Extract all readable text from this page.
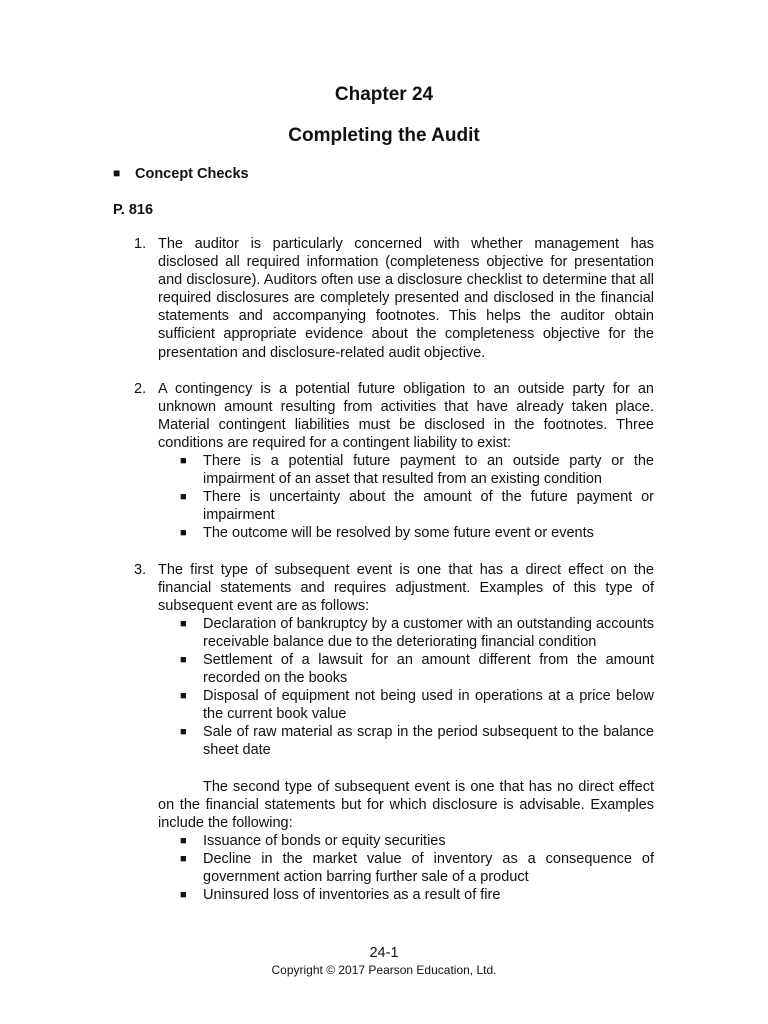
Chapter 24
Completing the Audit
■ Concept Checks
P. 816
1. The auditor is particularly concerned with whether management has disclosed all required information (completeness objective for presentation and disclosure). Auditors often use a disclosure checklist to determine that all required disclosures are completely presented and disclosed in the financial statements and accompanying footnotes. This helps the auditor obtain sufficient appropriate evidence about the completeness objective for the presentation and disclosure-related audit objective.
2. A contingency is a potential future obligation to an outside party for an unknown amount resulting from activities that have already taken place. Material contingent liabilities must be disclosed in the footnotes. Three conditions are required for a contingent liability to exist:
■ There is a potential future payment to an outside party or the impairment of an asset that resulted from an existing condition
■ There is uncertainty about the amount of the future payment or impairment
■ The outcome will be resolved by some future event or events
3. The first type of subsequent event is one that has a direct effect on the financial statements and requires adjustment. Examples of this type of subsequent event are as follows:
■ Declaration of bankruptcy by a customer with an outstanding accounts receivable balance due to the deteriorating financial condition
■ Settlement of a lawsuit for an amount different from the amount recorded on the books
■ Disposal of equipment not being used in operations at a price below the current book value
■ Sale of raw material as scrap in the period subsequent to the balance sheet date
The second type of subsequent event is one that has no direct effect on the financial statements but for which disclosure is advisable. Examples include the following:
■ Issuance of bonds or equity securities
■ Decline in the market value of inventory as a consequence of government action barring further sale of a product
■ Uninsured loss of inventories as a result of fire
24-1
Copyright © 2017 Pearson Education, Ltd.
